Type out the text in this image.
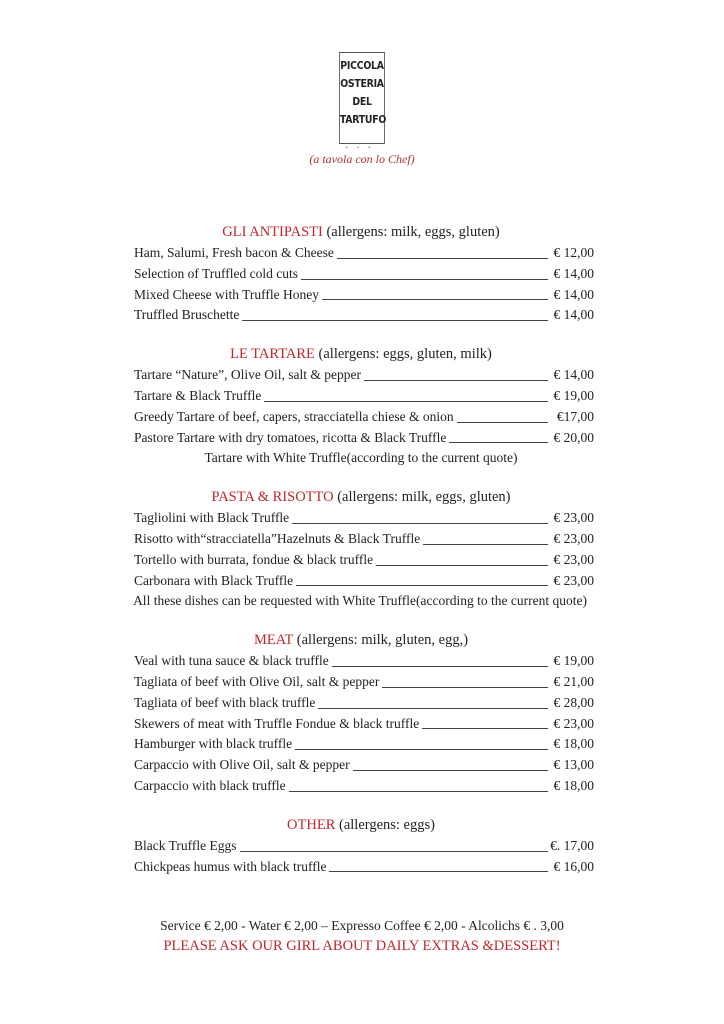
PICCOLA
OSTERIA
DEL
TARTUFO
···
(a tavola con lo Chef)
GLI ANTIPASTI (allergens: milk, eggs, gluten)
Ham, Salumi, Fresh bacon & Cheese	€ 12,00
Selection of Truffled cold cuts	€ 14,00
Mixed Cheese with Truffle Honey	€ 14,00
Truffled Bruschette	€ 14,00
LE TARTARE (allergens: eggs, gluten, milk)
Tartare “Nature”, Olive Oil, salt & pepper	€ 14,00
Tartare & Black Truffle	€ 19,00
Greedy Tartare of beef, capers, stracciatella chiese & onion	€17,00
Pastore Tartare with dry tomatoes, ricotta & Black Truffle	€ 20,00
Tartare with White Truffle(according to the current quote)
PASTA & RISOTTO (allergens: milk, eggs, gluten)
Tagliolini with Black Truffle	€ 23,00
Risotto with“stracciatella”Hazelnuts & Black Truffle	€ 23,00
Tortello with burrata, fondue & black truffle	€ 23,00
Carbonara with Black Truffle	€ 23,00
All these dishes can be requested with White Truffle(according to the current quote)
MEAT (allergens: milk, gluten, egg,)
Veal with tuna sauce & black truffle	€ 19,00
Tagliata of beef with Olive Oil, salt & pepper	€ 21,00
Tagliata of beef with black truffle	€ 28,00
Skewers of meat with Truffle Fondue & black truffle	€ 23,00
Hamburger with black truffle	€ 18,00
Carpaccio with Olive Oil, salt & pepper	€ 13,00
Carpaccio with black truffle	€ 18,00
OTHER (allergens: eggs)
Black Truffle Eggs	€. 17,00
Chickpeas humus with black truffle	€ 16,00
Service € 2,00 - Water € 2,00 – Expresso Coffee € 2,00 - Alcolichs € . 3,00
PLEASE ASK OUR GIRL ABOUT DAILY EXTRAS &DESSERT!
